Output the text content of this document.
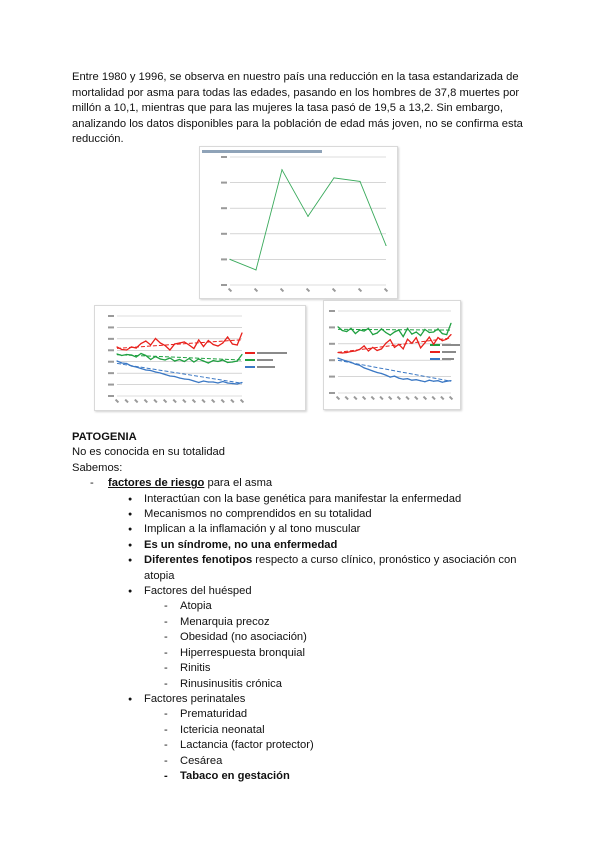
Entre 1980 y 1996, se observa en nuestro país una reducción en la tasa estandarizada de mortalidad por asma para todas las edades, pasando en los hombres de 37,8 muertes por millón a 10,1, mientras que para las mujeres la tasa pasó de 19,5 a 13,2. Sin embargo, analizando los datos disponibles para la población de edad más joven, no se confirma esta reducción.

PATOGENIA

No es conocida en su totalidad

Sabemos:

- factores de riesgo para el asma
● Interactúan con la base genética para manifestar la enfermedad
● Mecanismos no comprendidos en su totalidad
● Implican a la inflamación y al tono muscular
● Es un síndrome, no una enfermedad
● Diferentes fenotipos respecto a curso clínico, pronóstico y asociación con atopia
● Factores del huésped
- Atopia
- Menarquia precoz
- Obesidad (no asociación)
- Hiperrespuesta bronquial
- Rinitis
- Rinusinusitis crónica
● Factores perinatales
- Prematuridad
- Ictericia neonatal
- Lactancia (factor protector)
- Cesárea
- Tabaco en gestación
